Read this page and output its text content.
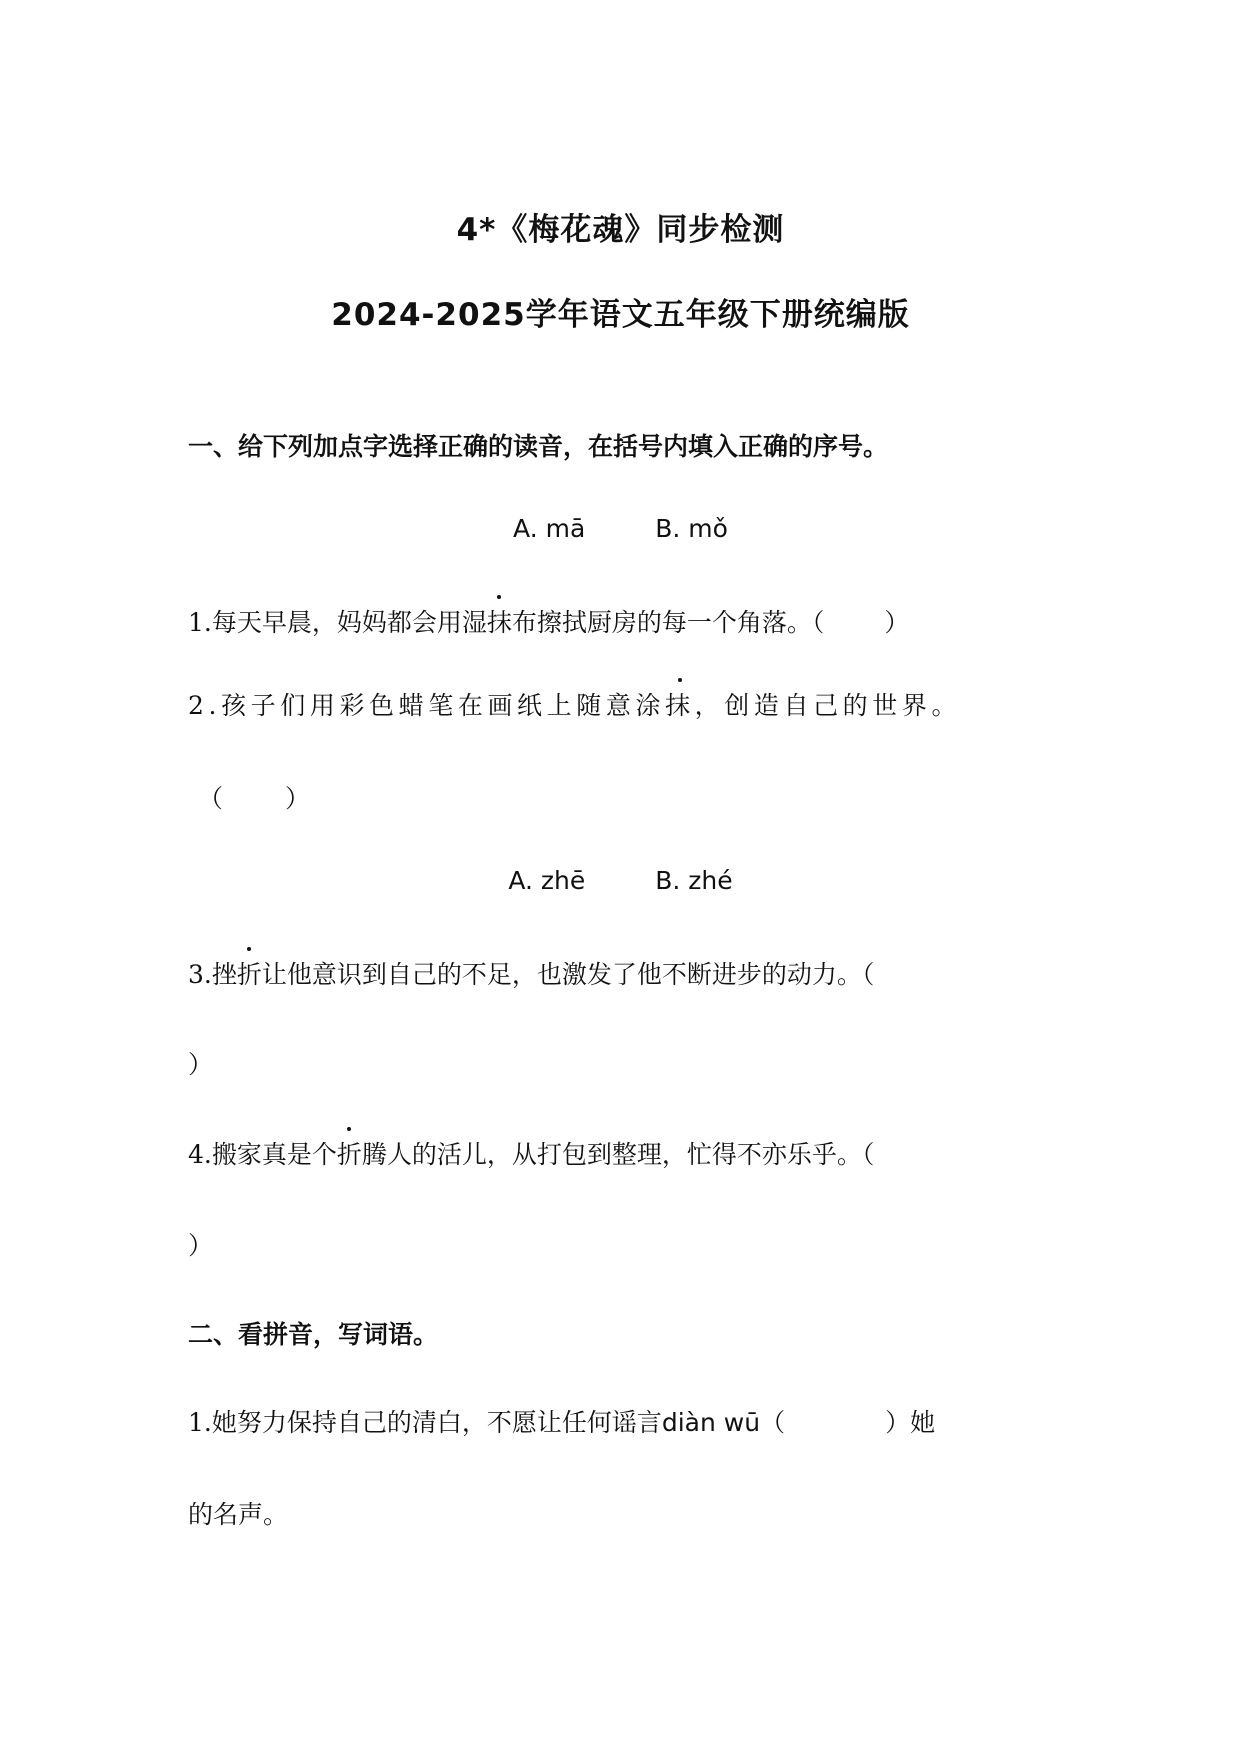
4*《梅花魂》同步检测
2024-2025学年语文五年级下册统编版
一、给下列加点字选择正确的读音，在括号内填入正确的序号。
A. mā	B. mǒ
1.每天早晨，妈妈都会用湿抹布擦拭厨房的每一个角落。（ ）
2.孩子们用彩色蜡笔在画纸上随意涂抹，创造自己的世界。
（ ）
A. zhē	B. zhé
3.挫折让他意识到自己的不足，也激发了他不断进步的动力。（
）
4.搬家真是个折腾人的活儿，从打包到整理，忙得不亦乐乎。（
）
二、看拼音，写词语。
1.她努力保持自己的清白，不愿让任何谣言diàn wū（	）她
的名声。
